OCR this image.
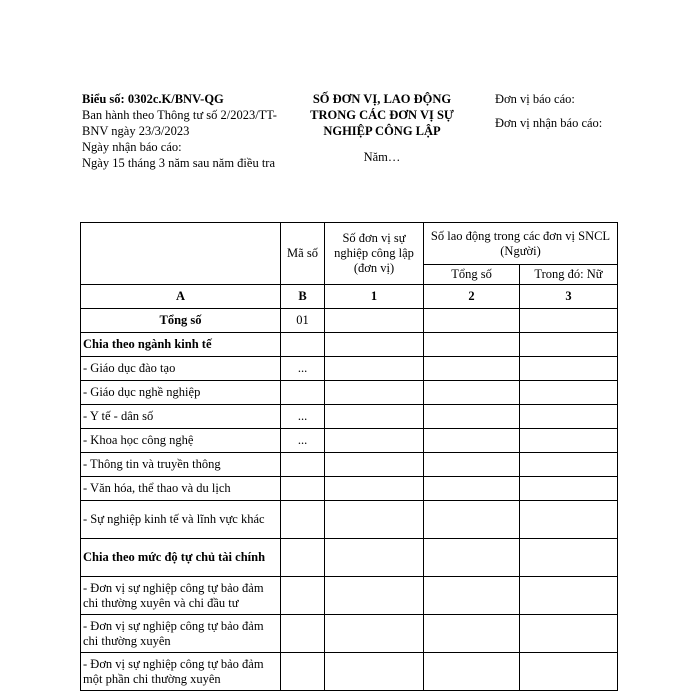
Biểu số: 0302c.K/BNV-QG
Ban hành theo Thông tư số 2/2023/TT-BNV ngày 23/3/2023
Ngày nhận báo cáo:
Ngày 15 tháng 3 năm sau năm điều tra
SỐ ĐƠN VỊ, LAO ĐỘNG TRONG CÁC ĐƠN VỊ SỰ NGHIỆP CÔNG LẬP
Năm…
Đơn vị báo cáo:
Đơn vị nhận báo cáo:
	Mã số	Số đơn vị sự nghiệp công lập (đơn vị)	Số lao động trong các đơn vị SNCL (Người)	
			Tổng số	Trong đó: Nữ
A	B	1	2	3
Tổng số	01			
Chia theo ngành kinh tế				
- Giáo dục đào tạo	...			
- Giáo dục nghề nghiệp				
- Y tế - dân số	...			
- Khoa học công nghệ	...			
- Thông tin và truyền thông				
- Văn hóa, thể thao và du lịch				
- Sự nghiệp kinh tế và lĩnh vực khác				
Chia theo mức độ tự chủ tài chính				
- Đơn vị sự nghiệp công tự bảo đảm chi thường xuyên và chi đầu tư				
- Đơn vị sự nghiệp công tự bảo đảm chi thường xuyên				
- Đơn vị sự nghiệp công tự bảo đảm một phần chi thường xuyên				
